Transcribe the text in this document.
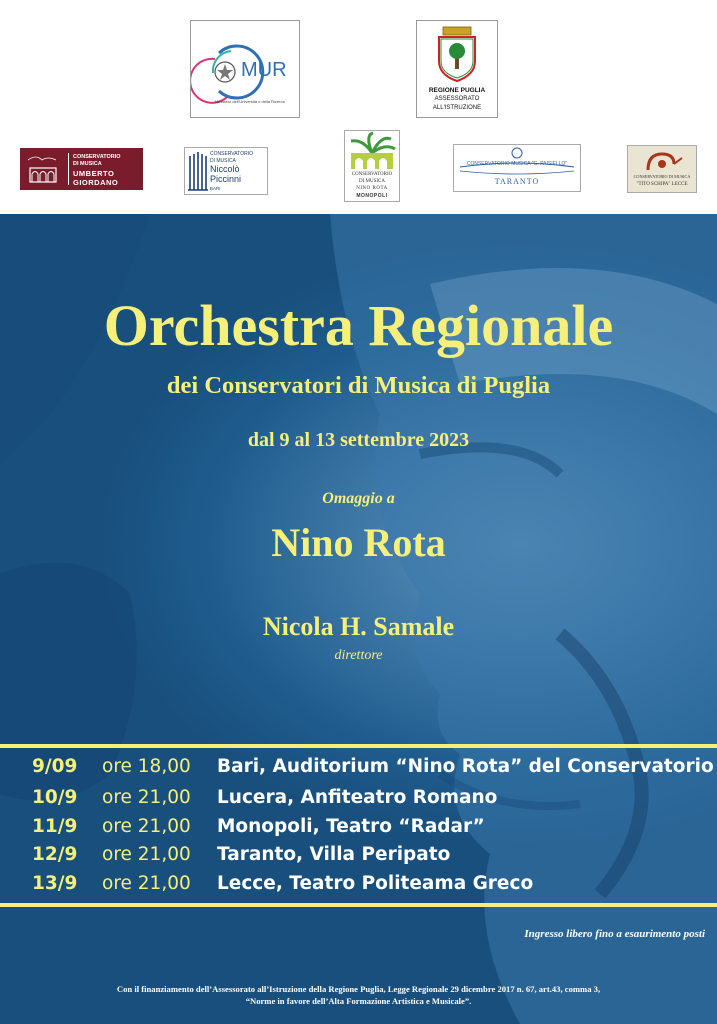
MUR
Ministero dell'Università e della Ricerca
REGIONE PUGLIA
ASSESSORATO
ALL'ISTRUZIONE
CONSERVATORIO
DI MUSICA
UMBERTO
GIORDANO
CONSERVATORIO
DI MUSICA
Niccolò
Piccinni
BARI
CONSERVATORIO
DI MUSICA
NINO ROTA
MONOPOLI
CONSERVATORIO MUSICA "G. PAISIELLO"
TARANTO
CONSERVATORIO DI MUSICA
"TITO SCHIPA" LECCE
Orchestra Regionale
dei Conservatori di Musica di Puglia
dal 9 al 13 settembre 2023
Omaggio a
Nino Rota
Nicola H. Samale
direttore
9/09 ore 18,00 Bari, Auditorium “Nino Rota” del Conservatorio
10/9 ore 21,00 Lucera, Anfiteatro Romano
11/9 ore 21,00 Monopoli, Teatro “Radar”
12/9 ore 21,00 Taranto, Villa Peripato
13/9 ore 21,00 Lecce, Teatro Politeama Greco
Ingresso libero fino a esaurimento posti
Con il finanziamento dell’Assessorato all’Istruzione della Regione Puglia, Legge Regionale 29 dicembre 2017 n. 67, art.43, comma 3,
“Norme in favore dell’Alta Formazione Artistica e Musicale”.
